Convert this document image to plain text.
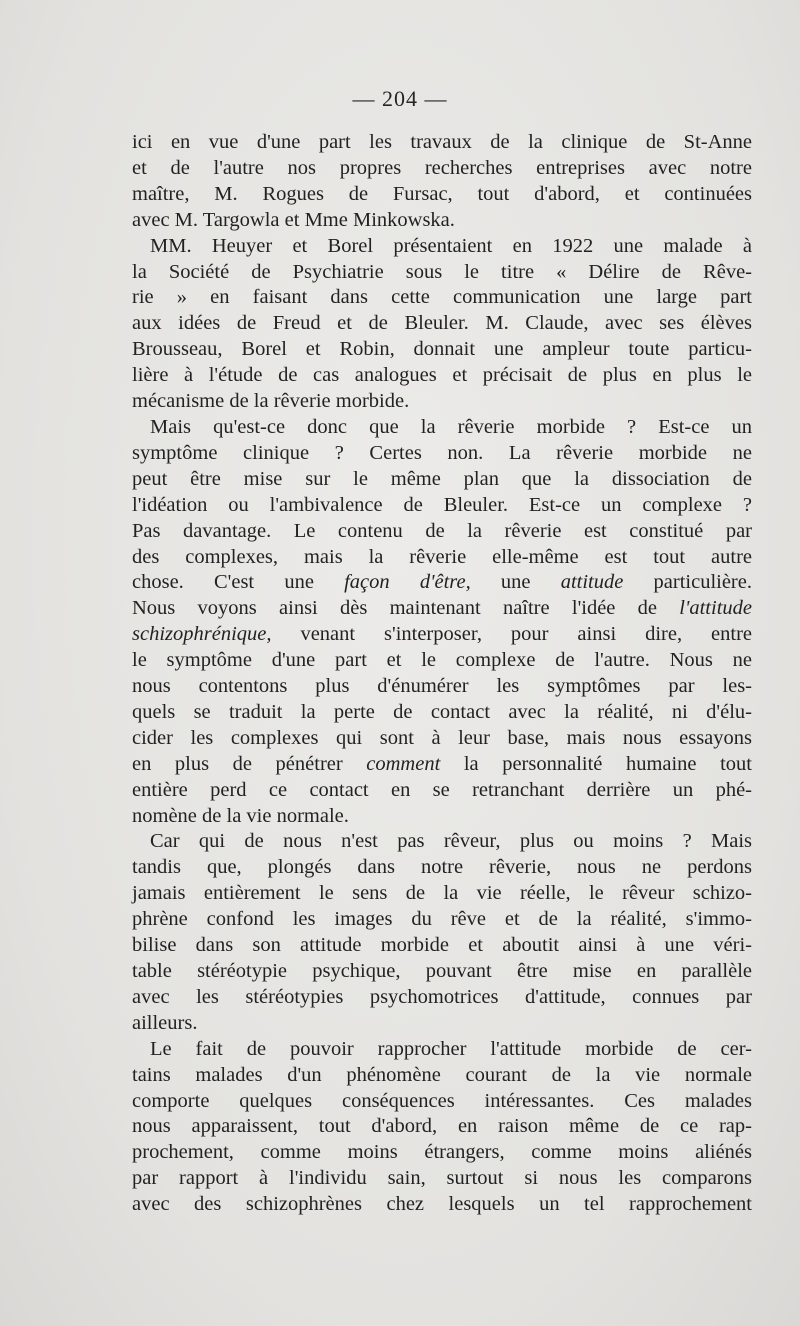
— 204 —

ici en vue d'une part les travaux de la clinique de St-Anne

et de l'autre nos propres recherches entreprises avec notre

maître, M. Rogues de Fursac, tout d'abord, et continuées

avec M. Targowla et Mme Minkowska.

MM. Heuyer et Borel présentaient en 1922 une malade à

la Société de Psychiatrie sous le titre « Délire de Rêve-

rie » en faisant dans cette communication une large part

aux idées de Freud et de Bleuler. M. Claude, avec ses élèves

Brousseau, Borel et Robin, donnait une ampleur toute particu-

lière à l'étude de cas analogues et précisait de plus en plus le

mécanisme de la rêverie morbide.

Mais qu'est-ce donc que la rêverie morbide ? Est-ce un

symptôme clinique ? Certes non. La rêverie morbide ne

peut être mise sur le même plan que la dissociation de

l'idéation ou l'ambivalence de Bleuler. Est-ce un complexe ?

Pas davantage. Le contenu de la rêverie est constitué par

des complexes, mais la rêverie elle-même est tout autre

chose. C'est une façon d'être, une attitude particulière.

Nous voyons ainsi dès maintenant naître l'idée de l'attitude

schizophrénique, venant s'interposer, pour ainsi dire, entre

le symptôme d'une part et le complexe de l'autre. Nous ne

nous contentons plus d'énumérer les symptômes par les-

quels se traduit la perte de contact avec la réalité, ni d'élu-

cider les complexes qui sont à leur base, mais nous essayons

en plus de pénétrer comment la personnalité humaine tout

entière perd ce contact en se retranchant derrière un phé-

nomène de la vie normale.

Car qui de nous n'est pas rêveur, plus ou moins ? Mais

tandis que, plongés dans notre rêverie, nous ne perdons

jamais entièrement le sens de la vie réelle, le rêveur schizo-

phrène confond les images du rêve et de la réalité, s'immo-

bilise dans son attitude morbide et aboutit ainsi à une véri-

table stéréotypie psychique, pouvant être mise en parallèle

avec les stéréotypies psychomotrices d'attitude, connues par

ailleurs.

Le fait de pouvoir rapprocher l'attitude morbide de cer-

tains malades d'un phénomène courant de la vie normale

comporte quelques conséquences intéressantes. Ces malades

nous apparaissent, tout d'abord, en raison même de ce rap-

prochement, comme moins étrangers, comme moins aliénés

par rapport à l'individu sain, surtout si nous les comparons

avec des schizophrènes chez lesquels un tel rapprochement
